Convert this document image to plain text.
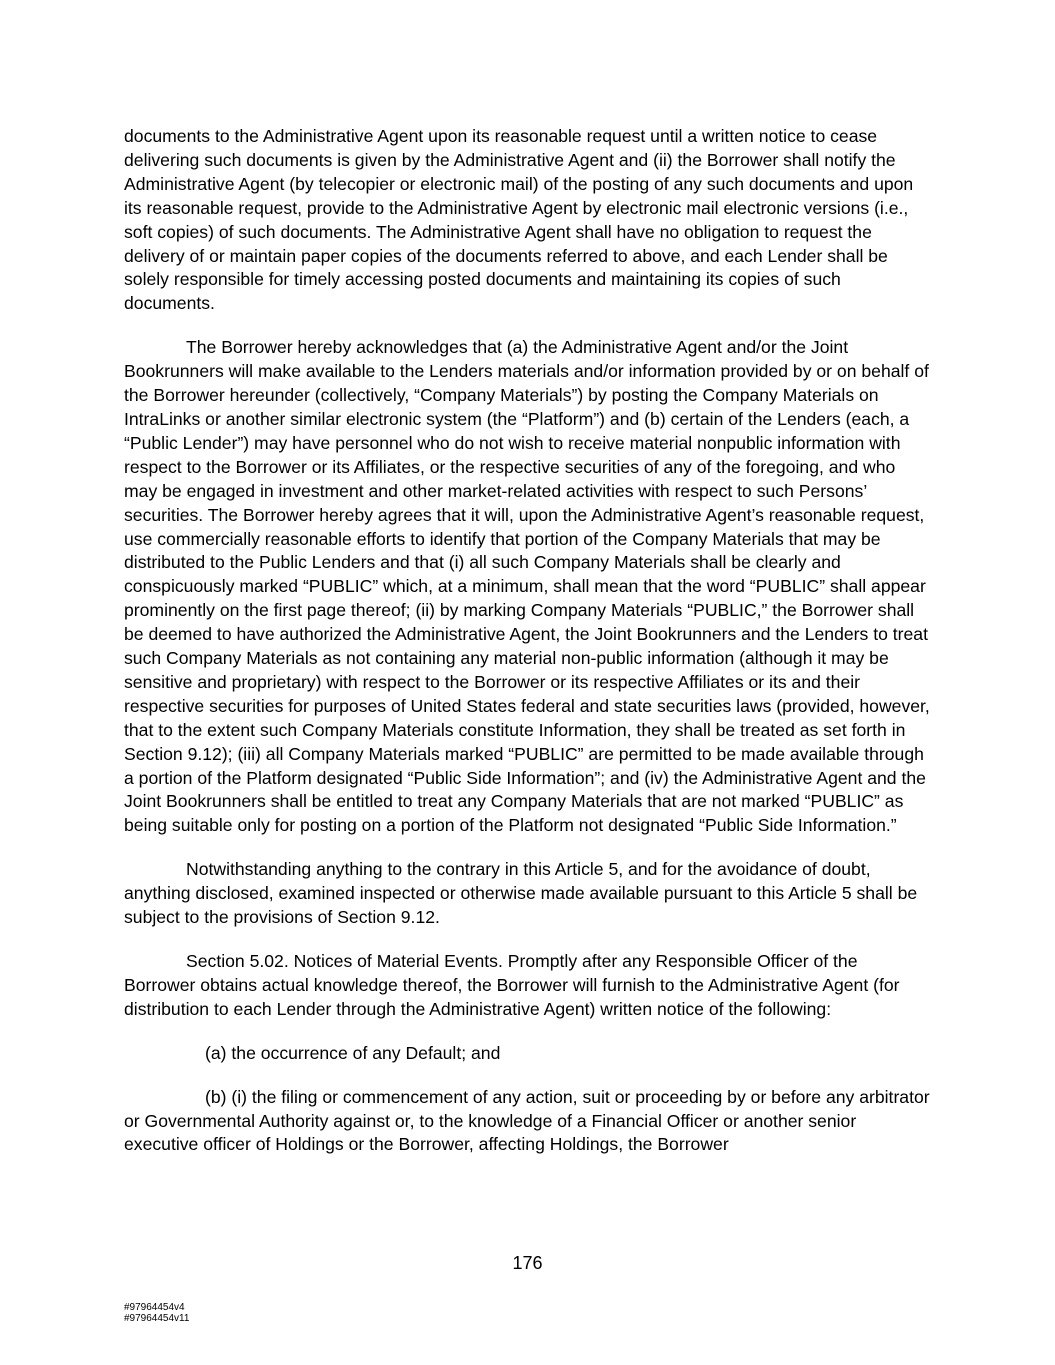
documents to the Administrative Agent upon its reasonable request until a written notice to cease delivering such documents is given by the Administrative Agent and (ii) the Borrower shall notify the Administrative Agent (by telecopier or electronic mail) of the posting of any such documents and upon its reasonable request, provide to the Administrative Agent by electronic mail electronic versions (i.e., soft copies) of such documents. The Administrative Agent shall have no obligation to request the delivery of or maintain paper copies of the documents referred to above, and each Lender shall be solely responsible for timely accessing posted documents and maintaining its copies of such documents.

The Borrower hereby acknowledges that (a) the Administrative Agent and/or the Joint Bookrunners will make available to the Lenders materials and/or information provided by or on behalf of the Borrower hereunder (collectively, “Company Materials”) by posting the Company Materials on IntraLinks or another similar electronic system (the “Platform”) and (b) certain of the Lenders (each, a “Public Lender”) may have personnel who do not wish to receive material nonpublic information with respect to the Borrower or its Affiliates, or the respective securities of any of the foregoing, and who may be engaged in investment and other market-related activities with respect to such Persons’ securities. The Borrower hereby agrees that it will, upon the Administrative Agent’s reasonable request, use commercially reasonable efforts to identify that portion of the Company Materials that may be distributed to the Public Lenders and that (i) all such Company Materials shall be clearly and conspicuously marked “PUBLIC” which, at a minimum, shall mean that the word “PUBLIC” shall appear prominently on the first page thereof; (ii) by marking Company Materials “PUBLIC,” the Borrower shall be deemed to have authorized the Administrative Agent, the Joint Bookrunners and the Lenders to treat such Company Materials as not containing any material non-public information (although it may be sensitive and proprietary) with respect to the Borrower or its respective Affiliates or its and their respective securities for purposes of United States federal and state securities laws (provided, however, that to the extent such Company Materials constitute Information, they shall be treated as set forth in Section 9.12); (iii) all Company Materials marked “PUBLIC” are permitted to be made available through a portion of the Platform designated “Public Side Information”; and (iv) the Administrative Agent and the Joint Bookrunners shall be entitled to treat any Company Materials that are not marked “PUBLIC” as being suitable only for posting on a portion of the Platform not designated “Public Side Information.”

Notwithstanding anything to the contrary in this Article 5, and for the avoidance of doubt, anything disclosed, examined inspected or otherwise made available pursuant to this Article 5 shall be subject to the provisions of Section 9.12.

Section 5.02. Notices of Material Events. Promptly after any Responsible Officer of the Borrower obtains actual knowledge thereof, the Borrower will furnish to the Administrative Agent (for distribution to each Lender through the Administrative Agent) written notice of the following:

(a) the occurrence of any Default; and

(b) (i) the filing or commencement of any action, suit or proceeding by or before any arbitrator or Governmental Authority against or, to the knowledge of a Financial Officer or another senior executive officer of Holdings or the Borrower, affecting Holdings, the Borrower

176
#97964454v4
#97964454v11
